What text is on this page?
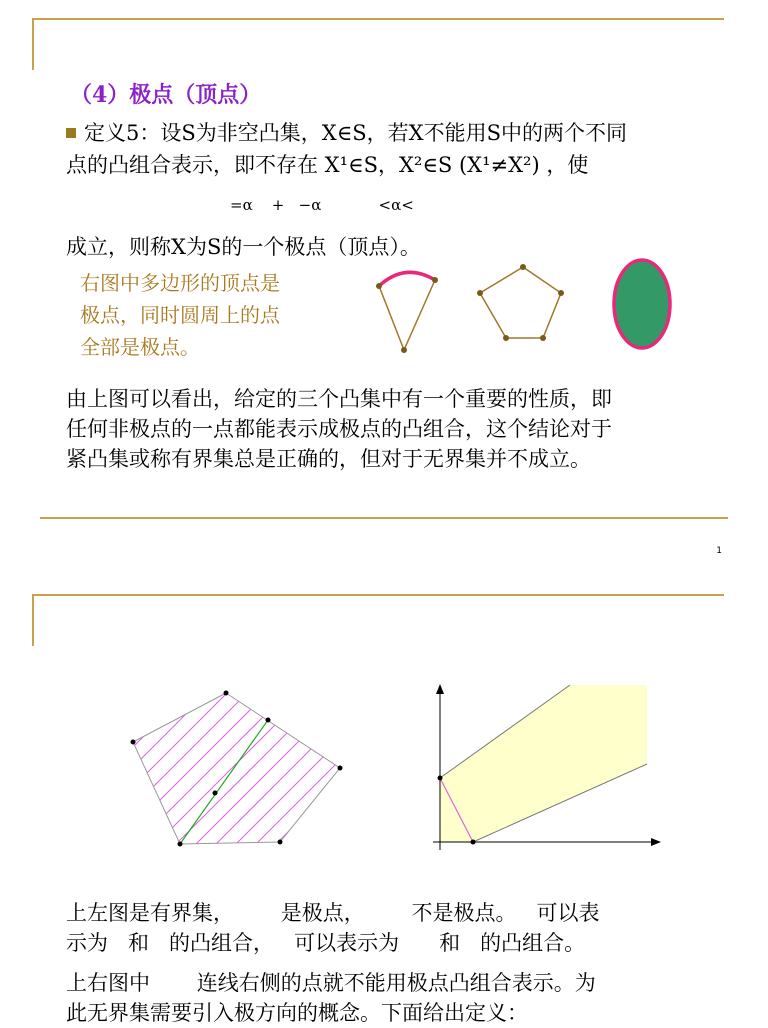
（4）极点（顶点）
定义5：设S为非空凸集，X∈S，若X不能用S中的两个不同
点的凸组合表示，即不存在 X¹∈S，X²∈S (X¹≠X²) ，使
=α    +   −α            <α<
成立，则称X为S的一个极点（顶点）。
右图中多边形的顶点是
极点，同时圆周上的点
全部是极点。
由上图可以看出，给定的三个凸集中有一个重要的性质，即
任何非极点的一点都能表示成极点的凸组合，这个结论对于
紧凸集或称有界集总是正确的，但对于无界集并不成立。
1
上左图是有界集，       是极点，       不是极点。   可以表
示为   和   的凸组合，   可以表示为      和   的凸组合。
上右图中       连线右侧的点就不能用极点凸组合表示。为
此无界集需要引入极方向的概念。下面给出定义：
